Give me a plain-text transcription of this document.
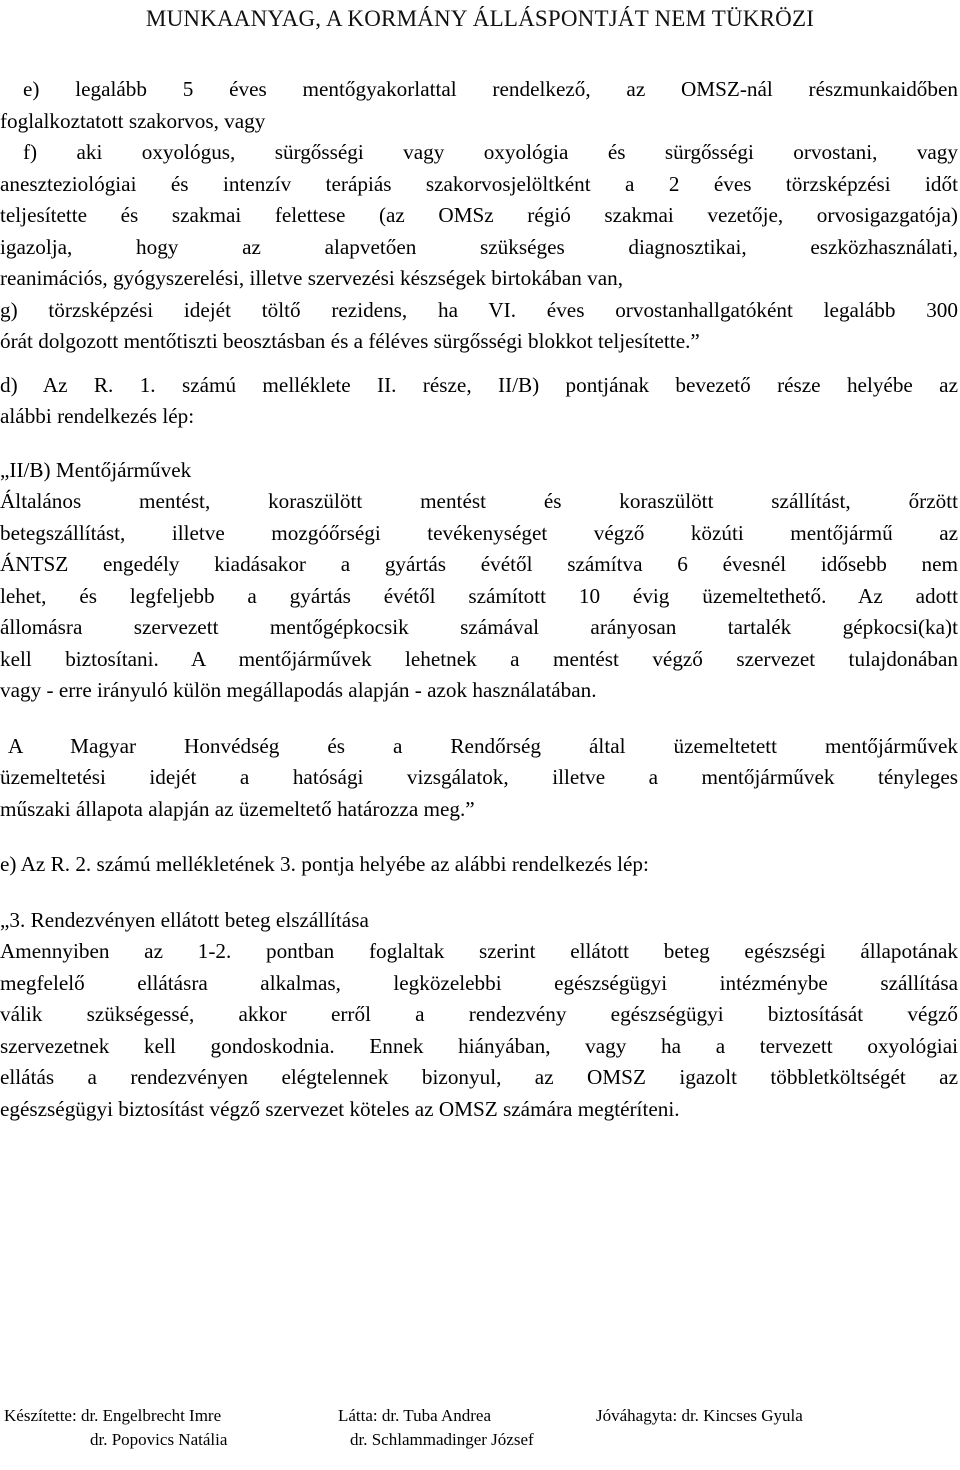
MUNKAANYAG, A KORMÁNY ÁLLÁSPONTJÁT NEM TÜKRÖZI
e) legalább 5 éves mentőgyakorlattal rendelkező, az OMSZ-nál részmunkaidőben
foglalkoztatott szakorvos, vagy
f) aki oxyológus, sürgősségi vagy oxyológia és sürgősségi orvostani, vagy
aneszteziológiai és intenzív terápiás szakorvosjelöltként a 2 éves törzsképzési időt
teljesítette és szakmai felettese (az OMSz régió szakmai vezetője, orvosigazgatója)
igazolja, hogy az alapvetően szükséges diagnosztikai, eszközhasználati,
reanimációs, gyógyszerelési, illetve szervezési készségek birtokában van,
g) törzsképzési idejét töltő rezidens, ha VI. éves orvostanhallgatóként legalább 300
órát dolgozott mentőtiszti beosztásban és a féléves sürgősségi blokkot teljesítette.”
d) Az R. 1. számú melléklete II. része, II/B) pontjának bevezető része helyébe az
alábbi rendelkezés lép:
„II/B) Mentőjárművek
Általános mentést, koraszülött mentést és koraszülött szállítást, őrzött
betegszállítást, illetve mozgóőrségi tevékenységet végző közúti mentőjármű az
ÁNTSZ engedély kiadásakor a gyártás évétől számítva 6 évesnél idősebb nem
lehet, és legfeljebb a gyártás évétől számított 10 évig üzemeltethető. Az adott
állomásra szervezett mentőgépkocsik számával arányosan tartalék gépkocsi(ka)t
kell biztosítani. A mentőjárművek lehetnek a mentést végző szervezet tulajdonában
vagy - erre irányuló külön megállapodás alapján - azok használatában.
A Magyar Honvédség és a Rendőrség által üzemeltetett mentőjárművek
üzemeltetési idejét a hatósági vizsgálatok, illetve a mentőjárművek tényleges
műszaki állapota alapján az üzemeltető határozza meg.”
e) Az R. 2. számú mellékletének 3. pontja helyébe az alábbi rendelkezés lép:
„3. Rendezvényen ellátott beteg elszállítása
Amennyiben az 1-2. pontban foglaltak szerint ellátott beteg egészségi állapotának
megfelelő ellátásra alkalmas, legközelebbi egészségügyi intézménybe szállítása
válik szükségessé, akkor erről a rendezvény egészségügyi biztosítását végző
szervezetnek kell gondoskodnia. Ennek hiányában, vagy ha a tervezett oxyológiai
ellátás a rendezvényen elégtelennek bizonyul, az OMSZ igazolt többletköltségét az
egészségügyi biztosítást végző szervezet köteles az OMSZ számára megtéríteni.
Készítette: dr. Engelbrecht Imre
dr. Popovics Natália
Látta: dr. Tuba Andrea
dr. Schlammadinger József
Jóváhagyta: dr. Kincses Gyula
